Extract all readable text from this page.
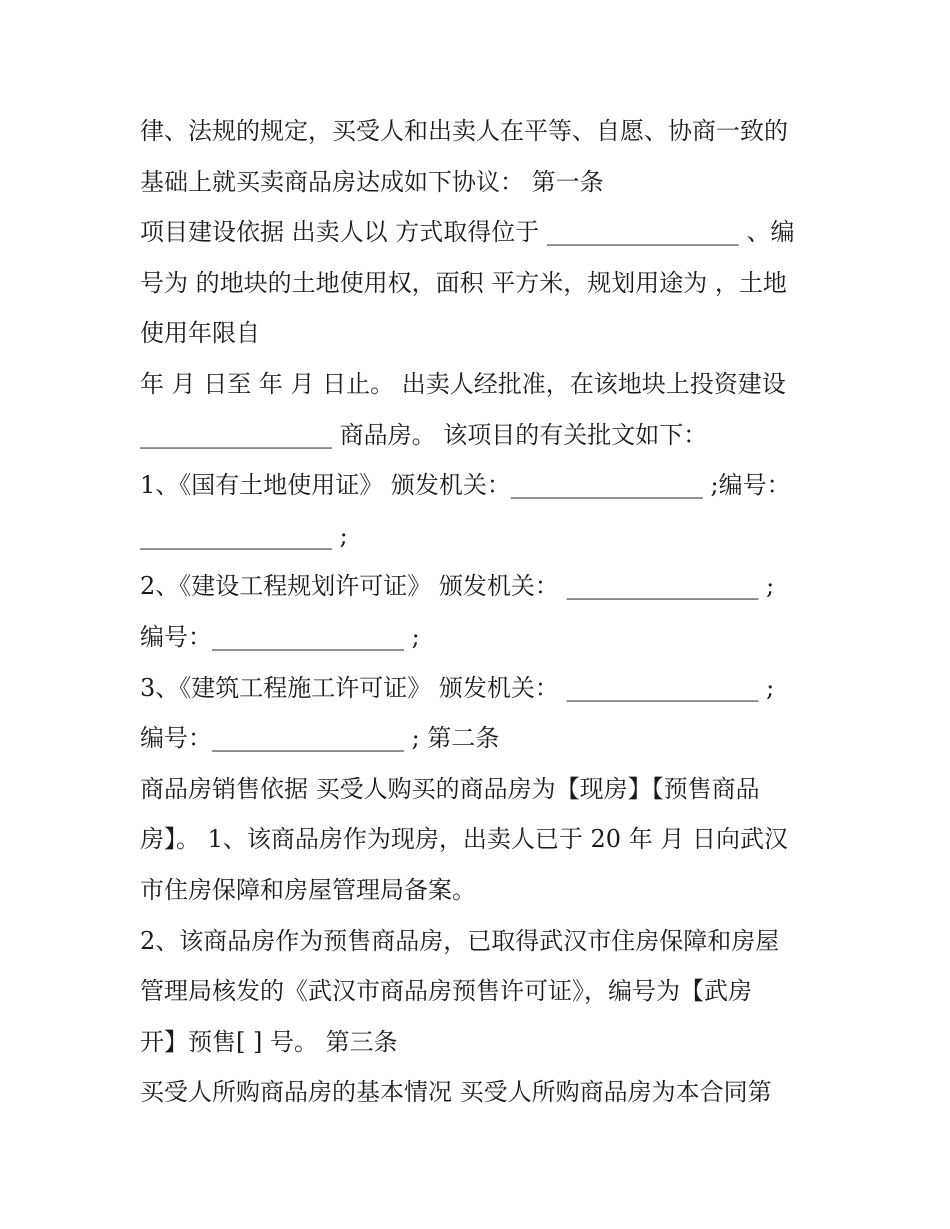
律、法规的规定，买受人和出卖人在平等、自愿、协商一致的
基础上就买卖商品房达成如下协议： 第一条
项目建设依据 出卖人以 方式取得位于 ________________ 、编
号为 的地块的土地使用权，面积 平方米，规划用途为 ，土地
使用年限自
年 月 日至 年 月 日止。 出卖人经批准，在该地块上投资建设
________________ 商品房。 该项目的有关批文如下：
1、《国有土地使用证》 颁发机关：________________ ;编号：
________________ ;
2、《建设工程规划许可证》 颁发机关： ________________ ;
编号：________________ ;
3、《建筑工程施工许可证》 颁发机关： ________________ ;
编号：________________ ; 第二条
商品房销售依据 买受人购买的商品房为【现房】【预售商品
房】。 1、该商品房作为现房，出卖人已于 20 年 月 日向武汉
市住房保障和房屋管理局备案。
2、该商品房作为预售商品房，已取得武汉市住房保障和房屋
管理局核发的《武汉市商品房预售许可证》，编号为【武房
开】预售[ ] 号。 第三条
买受人所购商品房的基本情况 买受人所购商品房为本合同第
